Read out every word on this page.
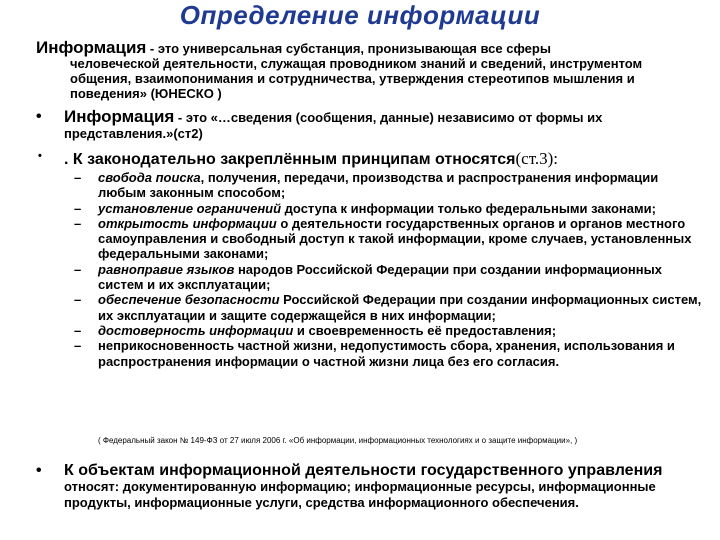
Определение информации
Информация - это универсальная субстанция, пронизывающая все сферы
человеческой деятельности, служащая проводником знаний и сведений, инструментом общения, взаимопонимания и сотрудничества, утверждения стереотипов мышления и поведения» (ЮНЕСКО )
• Информация - это «…сведения (сообщения, данные) независимо от формы их представления.»(ст2)
• . К законодательно закреплённым принципам относятся(ст.3):
– свобода поиска, получения, передачи, производства и распространения информации любым законным способом;
– установление ограничений доступа к информации только федеральными законами;
– открытость информации о деятельности государственных органов и органов местного самоуправления и свободный доступ к такой информации, кроме случаев, установленных федеральными законами;
– равноправие языков народов Российской Федерации при создании информационных систем и их эксплуатации;
– обеспечение безопасности Российской Федерации при создании информационных систем, их эксплуатации и защите содержащейся в них информации;
– достоверность информации и своевременность её предоставления;
– неприкосновенность частной жизни, недопустимость сбора, хранения, использования и распространения информации о частной жизни лица без его согласия.
( Федеральный закон № 149-ФЗ от 27 июля 2006 г. «Об информации, информационных технологиях и о защите информации», )
• К объектам информационной деятельности государственного управления относят: документированную информацию; информационные ресурсы, информационные продукты, информационные услуги, средства информационного обеспечения.
